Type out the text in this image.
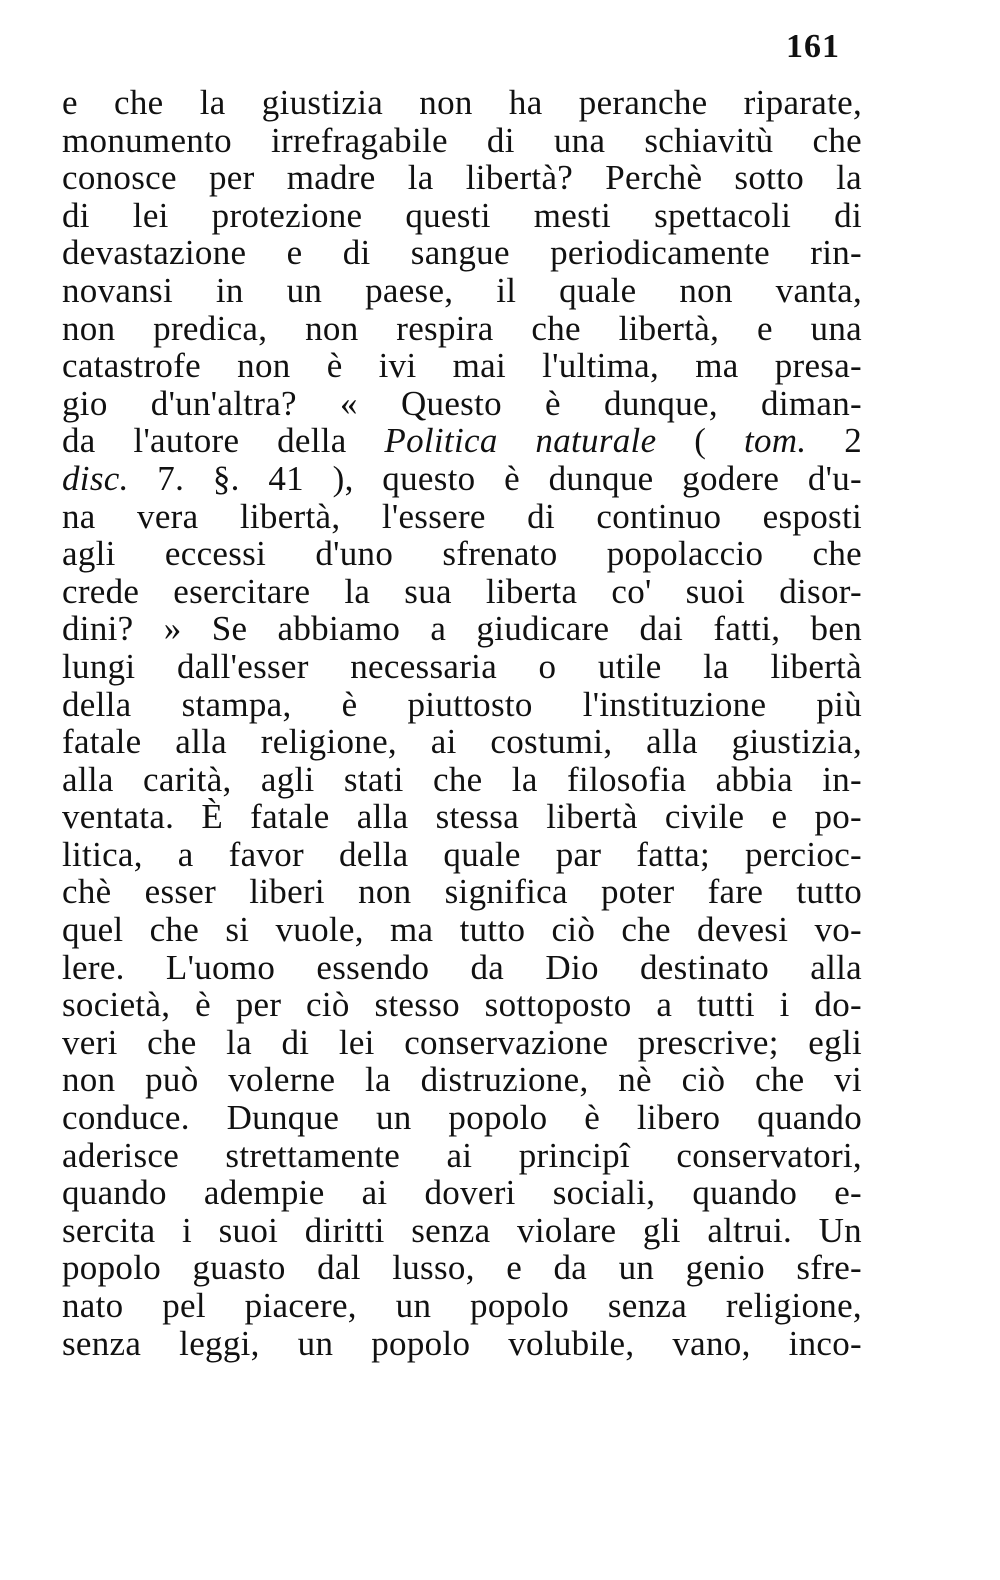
161
e che la giustizia non ha peranche riparate,
monumento irrefragabile di una schiavitù che
conosce per madre la libertà? Perchè sotto la
di lei protezione questi mesti spettacoli di
devastazione e di sangue periodicamente rin-
novansi in un paese, il quale non vanta,
non predica, non respira che libertà, e una
catastrofe non è ivi mai l'ultima, ma presa-
gio d'un'altra? « Questo è dunque, diman-
da l'autore della Politica naturale ( tom. 2
disc. 7. §. 41 ), questo è dunque godere d'u-
na vera libertà, l'essere di continuo esposti
agli eccessi d'uno sfrenato popolaccio che
crede esercitare la sua liberta co' suoi disor-
dini? » Se abbiamo a giudicare dai fatti, ben
lungi dall'esser necessaria o utile la libertà
della stampa, è piuttosto l'instituzione più
fatale alla religione, ai costumi, alla giustizia,
alla carità, agli stati che la filosofia abbia in-
ventata. È fatale alla stessa libertà civile e po-
litica, a favor della quale par fatta; percioc-
chè esser liberi non significa poter fare tutto
quel che si vuole, ma tutto ciò che devesi vo-
lere. L'uomo essendo da Dio destinato alla
società, è per ciò stesso sottoposto a tutti i do-
veri che la di lei conservazione prescrive; egli
non può volerne la distruzione, nè ciò che vi
conduce. Dunque un popolo è libero quando
aderisce strettamente ai principî conservatori,
quando adempie ai doveri sociali, quando e-
sercita i suoi diritti senza violare gli altrui. Un
popolo guasto dal lusso, e da un genio sfre-
nato pel piacere, un popolo senza religione,
senza leggi, un popolo volubile, vano, inco-
